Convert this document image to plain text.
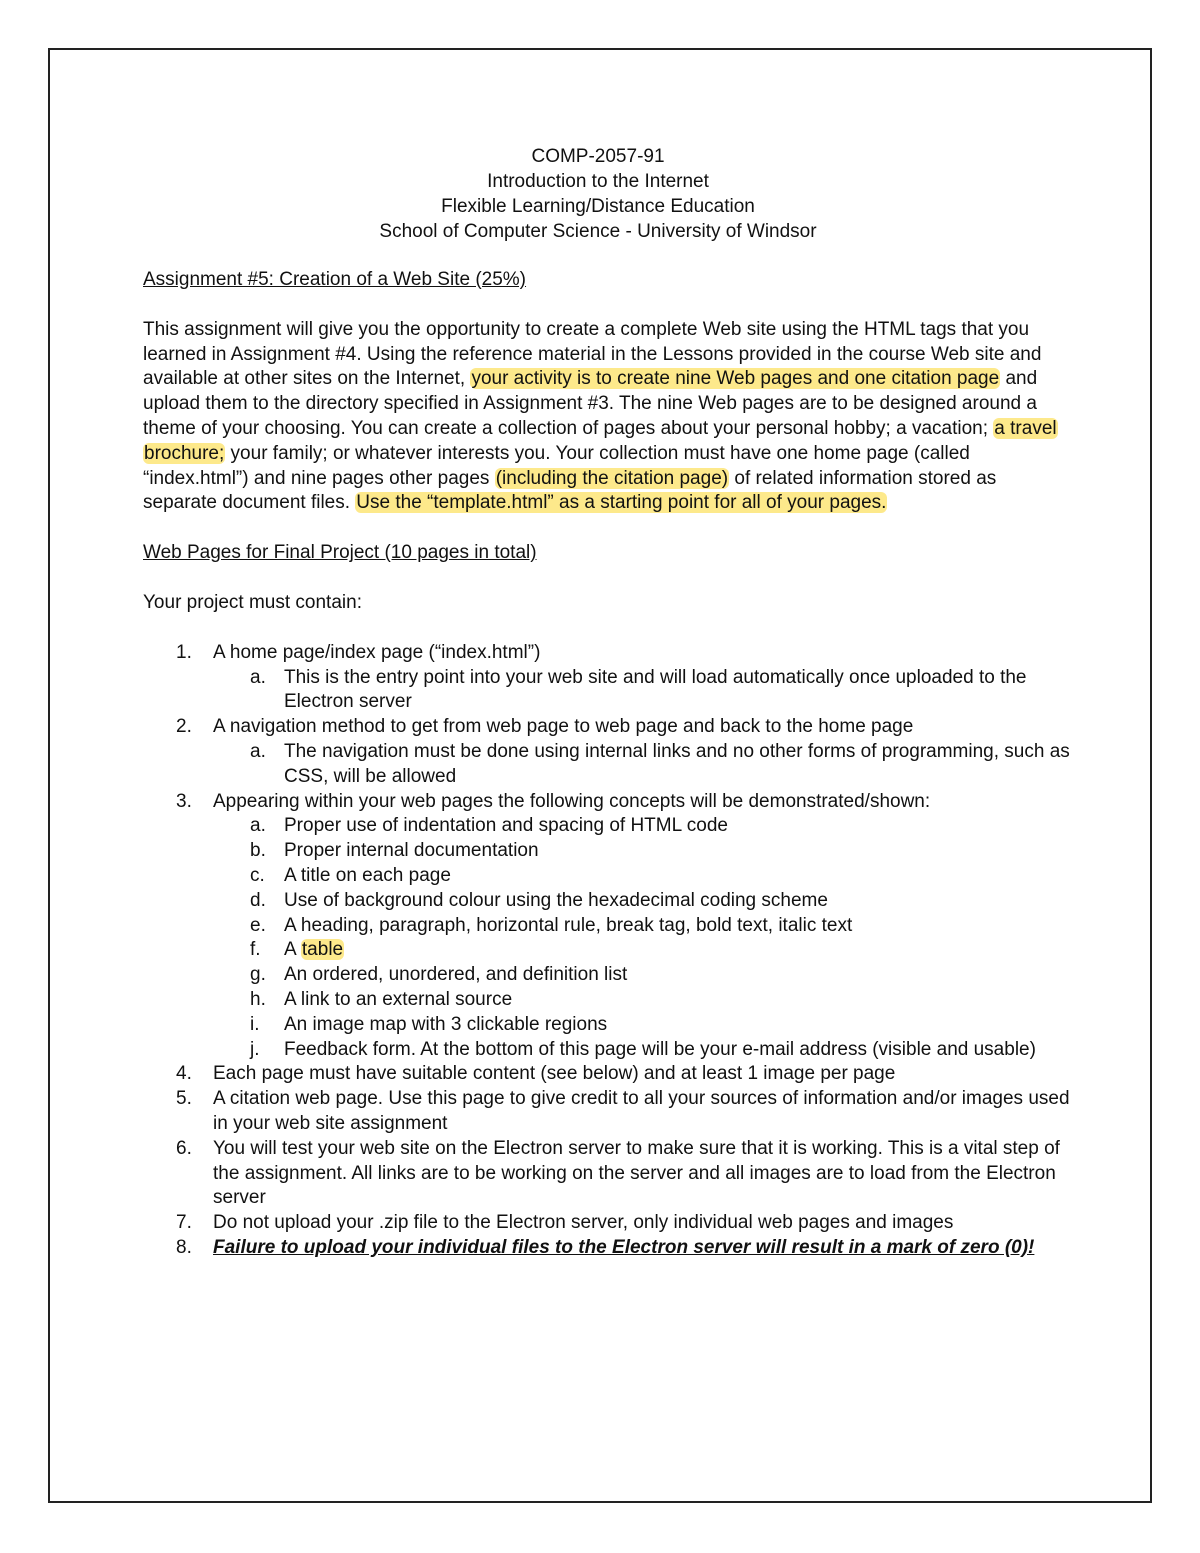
COMP-2057-91
Introduction to the Internet
Flexible Learning/Distance Education
School of Computer Science - University of Windsor
Assignment #5: Creation of a Web Site (25%)

This assignment will give you the opportunity to create a complete Web site using the HTML tags that you learned in Assignment #4. Using the reference material in the Lessons provided in the course Web site and available at other sites on the Internet, your activity is to create nine Web pages and one citation page and upload them to the directory specified in Assignment #3. The nine Web pages are to be designed around a theme of your choosing. You can create a collection of pages about your personal hobby; a vacation; a travel brochure; your family; or whatever interests you. Your collection must have one home page (called “index.html”) and nine pages other pages (including the citation page) of related information stored as separate document files. Use the “template.html” as a starting point for all of your pages.

Web Pages for Final Project (10 pages in total)
Your project must contain:
1.	A home page/index page (“index.html”)
a. This is the entry point into your web site and will load automatically once uploaded to the Electron server
2.	A navigation method to get from web page to web page and back to the home page
a. The navigation must be done using internal links and no other forms of programming, such as CSS, will be allowed
3.	Appearing within your web pages the following concepts will be demonstrated/shown:
a. Proper use of indentation and spacing of HTML code
b. Proper internal documentation
c. A title on each page
d. Use of background colour using the hexadecimal coding scheme
e. A heading, paragraph, horizontal rule, break tag, bold text, italic text
f. A table
g. An ordered, unordered, and definition list
h. A link to an external source
i. An image map with 3 clickable regions
j. Feedback form. At the bottom of this page will be your e-mail address (visible and usable)
4.	Each page must have suitable content (see below) and at least 1 image per page
5.	A citation web page. Use this page to give credit to all your sources of information and/or images used in your web site assignment
6.	You will test your web site on the Electron server to make sure that it is working. This is a vital step of the assignment. All links are to be working on the server and all images are to load from the Electron server
7.	Do not upload your .zip file to the Electron server, only individual web pages and images
8.	Failure to upload your individual files to the Electron server will result in a mark of zero (0)!
